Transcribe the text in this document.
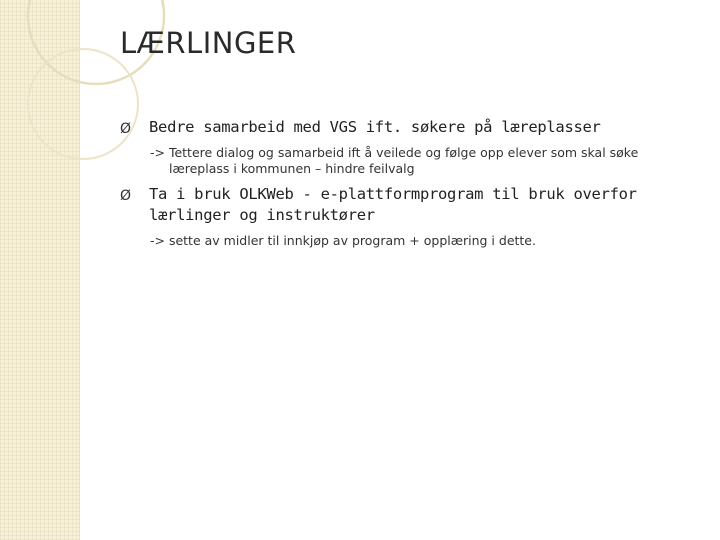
LÆRLINGER
Ø	Bedre samarbeid med VGS ift. søkere på læreplasser
-> Tettere dialog og samarbeid ift å veilede og følge opp elever som skal søke
læreplass i kommunen – hindre feilvalg
Ø	Ta i bruk OLKWeb - e-plattformprogram til bruk overfor
lærlinger og instruktører
-> sette av midler til innkjøp av program + opplæring i dette.
